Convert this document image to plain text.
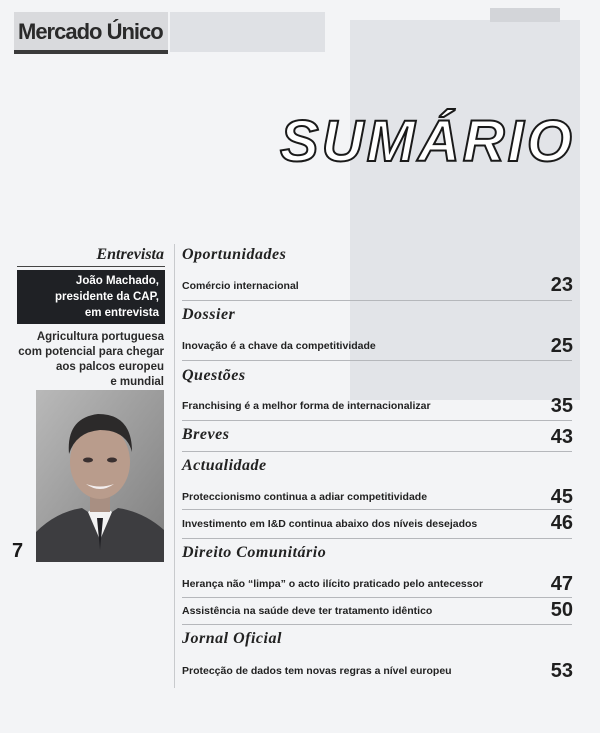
Mercado Único
SUMÁRIO
Entrevista
João Machado,
presidente da CAP,
em entrevista
Agricultura portuguesa
com potencial para chegar
aos palcos europeu
e mundial
7
Oportunidades
Comércio internacional	23
Dossier
Inovação é a chave da competitividade	25
Questões
Franchising é a melhor forma de internacionalizar	35
Breves	43
Actualidade
Proteccionismo continua a adiar competitividade	45
Investimento em I&D continua abaixo dos níveis desejados	46
Direito Comunitário
Herança não “limpa” o acto ilícito praticado pelo antecessor	47
Assistência na saúde deve ter tratamento idêntico	50
Jornal Oficial
Protecção de dados tem novas regras a nível europeu	53
